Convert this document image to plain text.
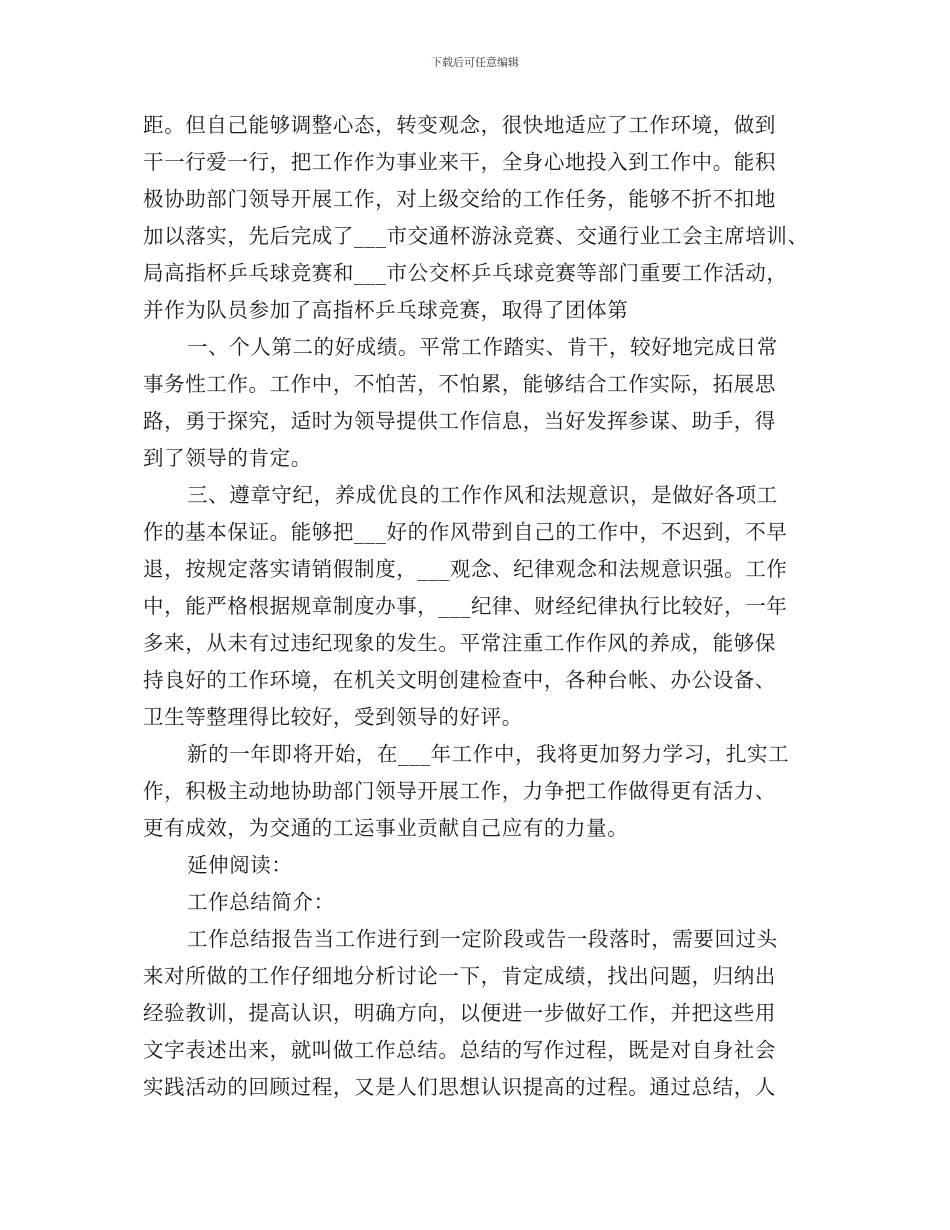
下载后可任意编辑
距。但自己能够调整心态，转变观念，很快地适应了工作环境，做到
干一行爱一行，把工作作为事业来干，全身心地投入到工作中。能积
极协助部门领导开展工作，对上级交给的工作任务，能够不折不扣地
加以落实，先后完成了___市交通杯游泳竞赛、交通行业工会主席培训、
局高指杯乒乓球竞赛和___市公交杯乒乓球竞赛等部门重要工作活动，
并作为队员参加了高指杯乒乓球竞赛，取得了团体第
一、个人第二的好成绩。平常工作踏实、肯干，较好地完成日常
事务性工作。工作中，不怕苦，不怕累，能够结合工作实际，拓展思
路，勇于探究，适时为领导提供工作信息，当好发挥参谋、助手，得
到了领导的肯定。
三、遵章守纪，养成优良的工作作风和法规意识，是做好各项工
作的基本保证。能够把___好的作风带到自己的工作中，不迟到，不早
退，按规定落实请销假制度，___观念、纪律观念和法规意识强。工作
中，能严格根据规章制度办事，___纪律、财经纪律执行比较好，一年
多来，从未有过违纪现象的发生。平常注重工作作风的养成，能够保
持良好的工作环境，在机关文明创建检查中，各种台帐、办公设备、
卫生等整理得比较好，受到领导的好评。
新的一年即将开始，在___年工作中，我将更加努力学习，扎实工
作，积极主动地协助部门领导开展工作，力争把工作做得更有活力、
更有成效，为交通的工运事业贡献自己应有的力量。
延伸阅读：
工作总结简介：
工作总结报告当工作进行到一定阶段或告一段落时，需要回过头
来对所做的工作仔细地分析讨论一下，肯定成绩，找出问题，归纳出
经验教训，提高认识，明确方向，以便进一步做好工作，并把这些用
文字表述出来，就叫做工作总结。总结的写作过程，既是对自身社会
实践活动的回顾过程，又是人们思想认识提高的过程。通过总结，人
